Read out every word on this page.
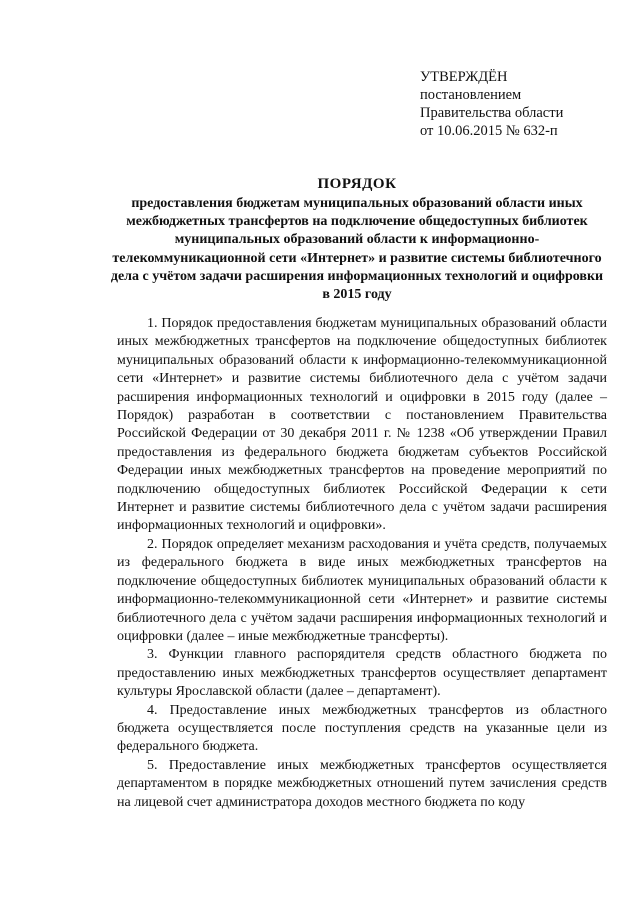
УТВЕРЖДЁН
постановлением
Правительства области
от 10.06.2015 № 632-п
ПОРЯДОК
предоставления бюджетам муниципальных образований области иных межбюджетных трансфертов на подключение общедоступных библиотек муниципальных образований области к информационно-телекоммуникационной сети «Интернет» и развитие системы библиотечного дела с учётом задачи расширения информационных технологий и оцифровки в 2015 году

1. Порядок предоставления бюджетам муниципальных образований области иных межбюджетных трансфертов на подключение общедоступных библиотек муниципальных образований области к информационно-телекоммуникационной сети «Интернет» и развитие системы библиотечного дела с учётом задачи расширения информационных технологий и оцифровки в 2015 году (далее – Порядок) разработан в соответствии с постановлением Правительства Российской Федерации от 30 декабря 2011 г. № 1238 «Об утверждении Правил предоставления из федерального бюджета бюджетам субъектов Российской Федерации иных межбюджетных трансфертов на проведение мероприятий по подключению общедоступных библиотек Российской Федерации к сети Интернет и развитие системы библиотечного дела с учётом задачи расширения информационных технологий и оцифровки».

2. Порядок определяет механизм расходования и учёта средств, получаемых из федерального бюджета в виде иных межбюджетных трансфертов на подключение общедоступных библиотек муниципальных образований области к информационно-телекоммуникационной сети «Интернет» и развитие системы библиотечного дела с учётом задачи расширения информационных технологий и оцифровки (далее – иные межбюджетные трансферты).

3. Функции главного распорядителя средств областного бюджета по предоставлению иных межбюджетных трансфертов осуществляет департамент культуры Ярославской области (далее – департамент).

4. Предоставление иных межбюджетных трансфертов из областного бюджета осуществляется после поступления средств на указанные цели из федерального бюджета.

5. Предоставление иных межбюджетных трансфертов осуществляется департаментом в порядке межбюджетных отношений путем зачисления средств на лицевой счет администратора доходов местного бюджета по коду
